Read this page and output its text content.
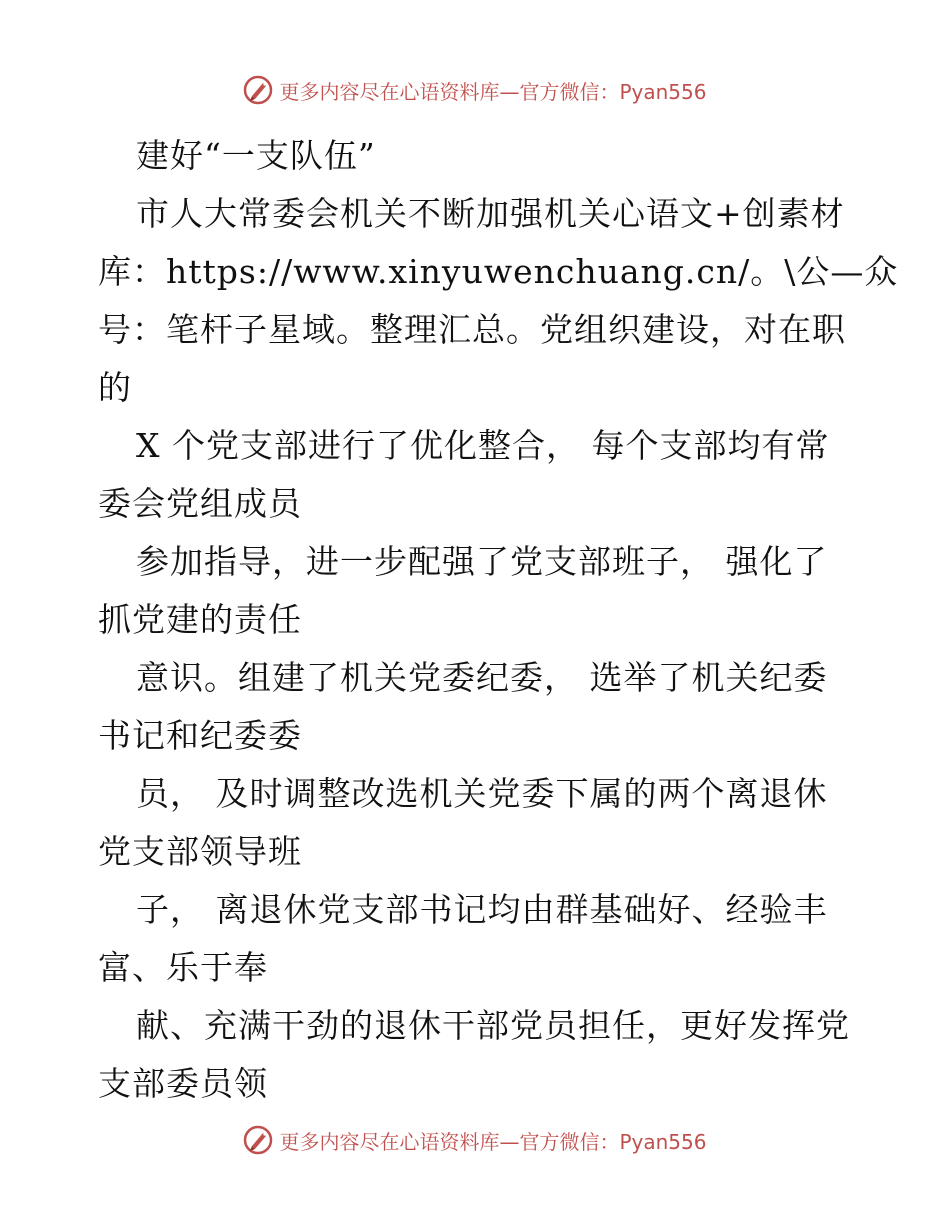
更多内容尽在心语资料库—官方微信：Pyan556
建好“一支队伍”
市人大常委会机关不断加强机关心语文+创素材
库：https://www.xinyuwenchuang.cn/。\公—众
号：笔杆子星域。整理汇总。党组织建设，对在职
的
X 个党支部进行了优化整合， 每个支部均有常
委会党组成员
参加指导，进一步配强了党支部班子， 强化了
抓党建的责任
意识。组建了机关党委纪委， 选举了机关纪委
书记和纪委委
员， 及时调整改选机关党委下属的两个离退休
党支部领导班
子， 离退休党支部书记均由群基础好、经验丰
富、乐于奉
献、充满干劲的退休干部党员担任，更好发挥党
支部委员领
更多内容尽在心语资料库—官方微信：Pyan556
